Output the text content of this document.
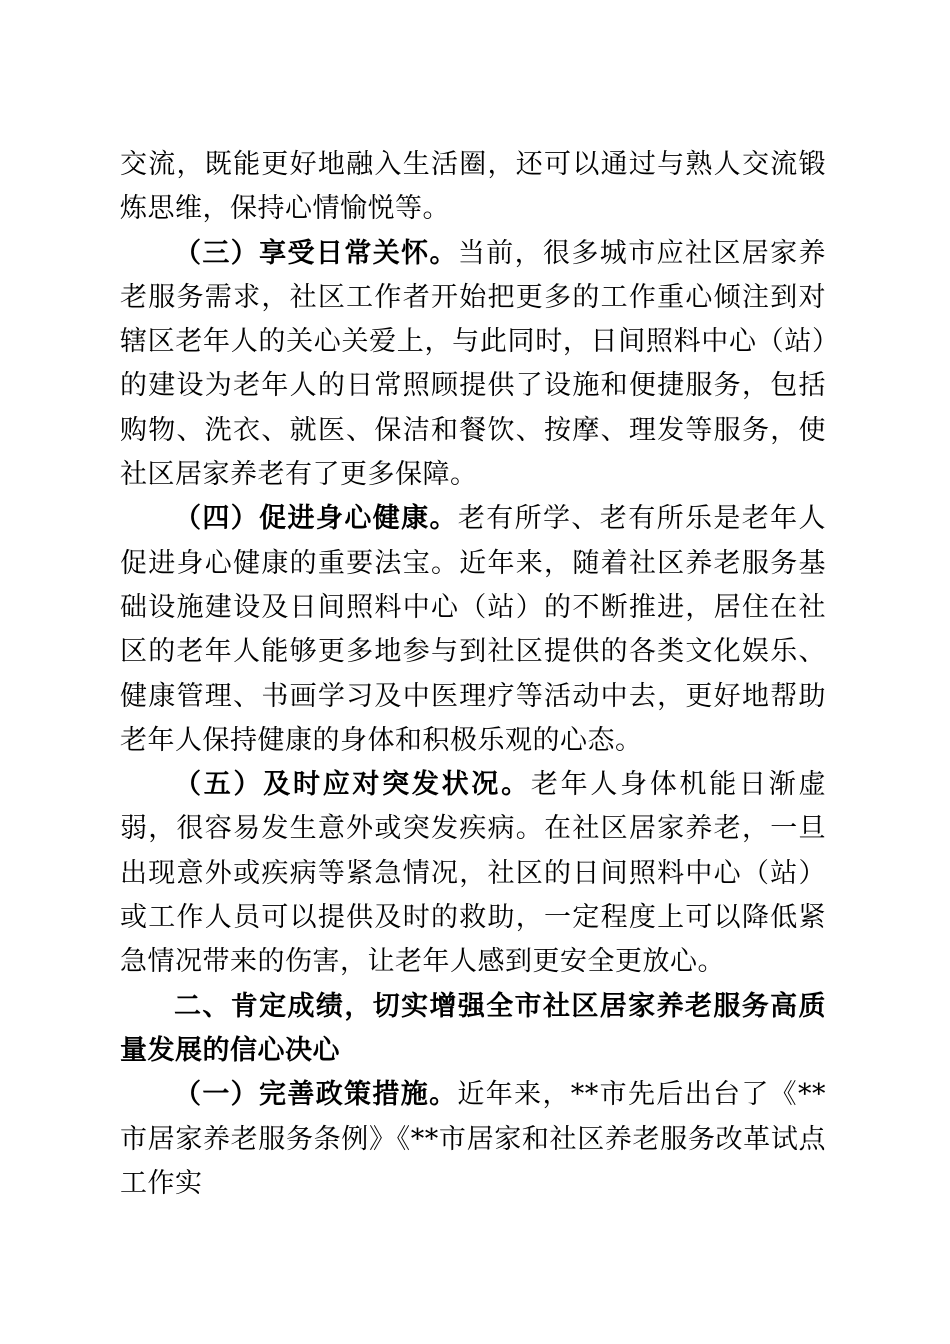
交流，既能更好地融入生活圈，还可以通过与熟人交流锻炼思维，保持心情愉悦等。

（三）享受日常关怀。当前，很多城市应社区居家养老服务需求，社区工作者开始把更多的工作重心倾注到对辖区老年人的关心关爱上，与此同时，日间照料中心（站）的建设为老年人的日常照顾提供了设施和便捷服务，包括购物、洗衣、就医、保洁和餐饮、按摩、理发等服务，使社区居家养老有了更多保障。

（四）促进身心健康。老有所学、老有所乐是老年人促进身心健康的重要法宝。近年来，随着社区养老服务基础设施建设及日间照料中心（站）的不断推进，居住在社区的老年人能够更多地参与到社区提供的各类文化娱乐、健康管理、书画学习及中医理疗等活动中去，更好地帮助老年人保持健康的身体和积极乐观的心态。

（五）及时应对突发状况。老年人身体机能日渐虚弱，很容易发生意外或突发疾病。在社区居家养老，一旦出现意外或疾病等紧急情况，社区的日间照料中心（站）或工作人员可以提供及时的救助，一定程度上可以降低紧急情况带来的伤害，让老年人感到更安全更放心。

二、肯定成绩，切实增强全市社区居家养老服务高质量发展的信心决心

（一）完善政策措施。近年来，**市先后出台了《**市居家养老服务条例》《**市居家和社区养老服务改革试点工作实
